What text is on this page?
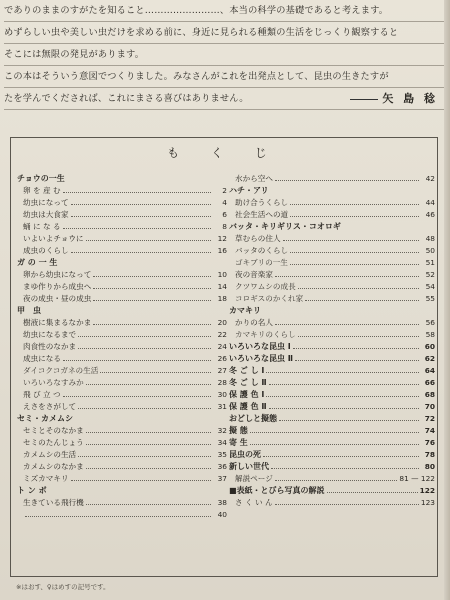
でありのままのすがたを知ること……………………、本当の科学の基礎であると考えます。
めずらしい虫や美しい虫だけを求める前に、身近に見られる種類の生活をじっくり観察すると
そこには無限の発見があります。
この本はそういう意図でつくりました。みなさんがこれを出発点として、昆虫の生きたすが
たを学んでくだされば、これにまさる喜びはありません。	矢 島 稔
も く じ
チョウの一生
卵 を 産 む	2
幼虫になって	4
幼虫は大食家	6
蛹 に な る	8
いよいよチョウに	12
成虫のくらし	16
ガ の 一 生
卵から幼虫になって	10
まゆ作りから成虫へ	14
夜の成虫・昼の成虫	18
甲　虫
樹液に集まるなかま	20
幼虫になるまで	22
肉食性のなかま	24
成虫になる	26
ダイコクコガネの生活	27
いろいろなすみか	28
飛 び 立 つ	30
えさをさがして	31
セミ・カメムシ
セミとそのなかま	32
セミのたんじょう	34
カメムシの生活	35
カメムシのなかま	36
ミズカマキリ	37
ト ン ボ
生きている飛行機	38
40
水から空へ	42
ハチ・アリ
助け合うくらし	44
社会生活への道	46
バッタ・キリギリス・コオロギ
草むらの住人	48
バッタのくらし	50
ゴキブリの一生	51
夜の音楽家	52
クツワムシの成長	54
コロギスのかくれ家	55
カマキリ
かりの名人	56
カマキリのくらし	58
いろいろな昆虫 Ⅰ	60
いろいろな昆虫 Ⅱ	62
冬 ご し Ⅰ	64
冬 ご し Ⅱ	66
保 護 色 Ⅰ	68
保 護 色 Ⅱ	70
おどしと擬態	72
擬 態	74
寄 生	76
昆虫の死	78
新しい世代	80
解説ページ	81 — 122
■表紙・とびら写真の解説	122
さ く い ん	123
※はおす、♀はめすの記号です。
